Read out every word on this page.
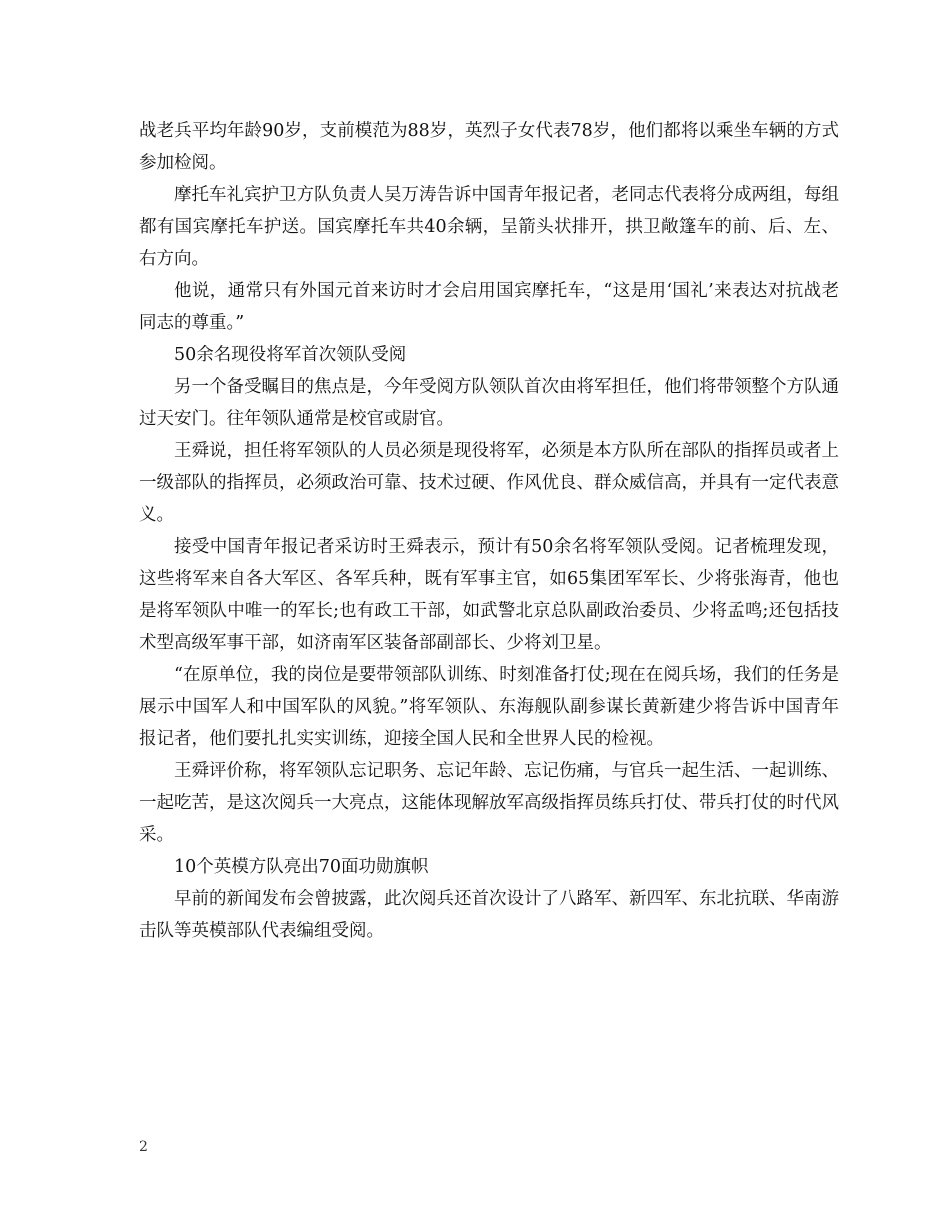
战老兵平均年龄90岁，支前模范为88岁，英烈子女代表78岁，他们都将以乘坐车辆的方式参加检阅。

摩托车礼宾护卫方队负责人吴万涛告诉中国青年报记者，老同志代表将分成两组，每组都有国宾摩托车护送。国宾摩托车共40余辆，呈箭头状排开，拱卫敞篷车的前、后、左、右方向。

他说，通常只有外国元首来访时才会启用国宾摩托车，“这是用‘国礼’来表达对抗战老同志的尊重。”

50余名现役将军首次领队受阅

另一个备受瞩目的焦点是，今年受阅方队领队首次由将军担任，他们将带领整个方队通过天安门。往年领队通常是校官或尉官。

王舜说，担任将军领队的人员必须是现役将军，必须是本方队所在部队的指挥员或者上一级部队的指挥员，必须政治可靠、技术过硬、作风优良、群众威信高，并具有一定代表意义。

接受中国青年报记者采访时王舜表示，预计有50余名将军领队受阅。记者梳理发现，这些将军来自各大军区、各军兵种，既有军事主官，如65集团军军长、少将张海青，他也是将军领队中唯一的军长;也有政工干部，如武警北京总队副政治委员、少将孟鸣;还包括技术型高级军事干部，如济南军区装备部副部长、少将刘卫星。

“在原单位，我的岗位是要带领部队训练、时刻准备打仗;现在在阅兵场，我们的任务是展示中国军人和中国军队的风貌。”将军领队、东海舰队副参谋长黄新建少将告诉中国青年报记者，他们要扎扎实实训练，迎接全国人民和全世界人民的检视。

王舜评价称，将军领队忘记职务、忘记年龄、忘记伤痛，与官兵一起生活、一起训练、一起吃苦，是这次阅兵一大亮点，这能体现解放军高级指挥员练兵打仗、带兵打仗的时代风采。

10个英模方队亮出70面功勋旗帜

早前的新闻发布会曾披露，此次阅兵还首次设计了八路军、新四军、东北抗联、华南游击队等英模部队代表编组受阅。

2
